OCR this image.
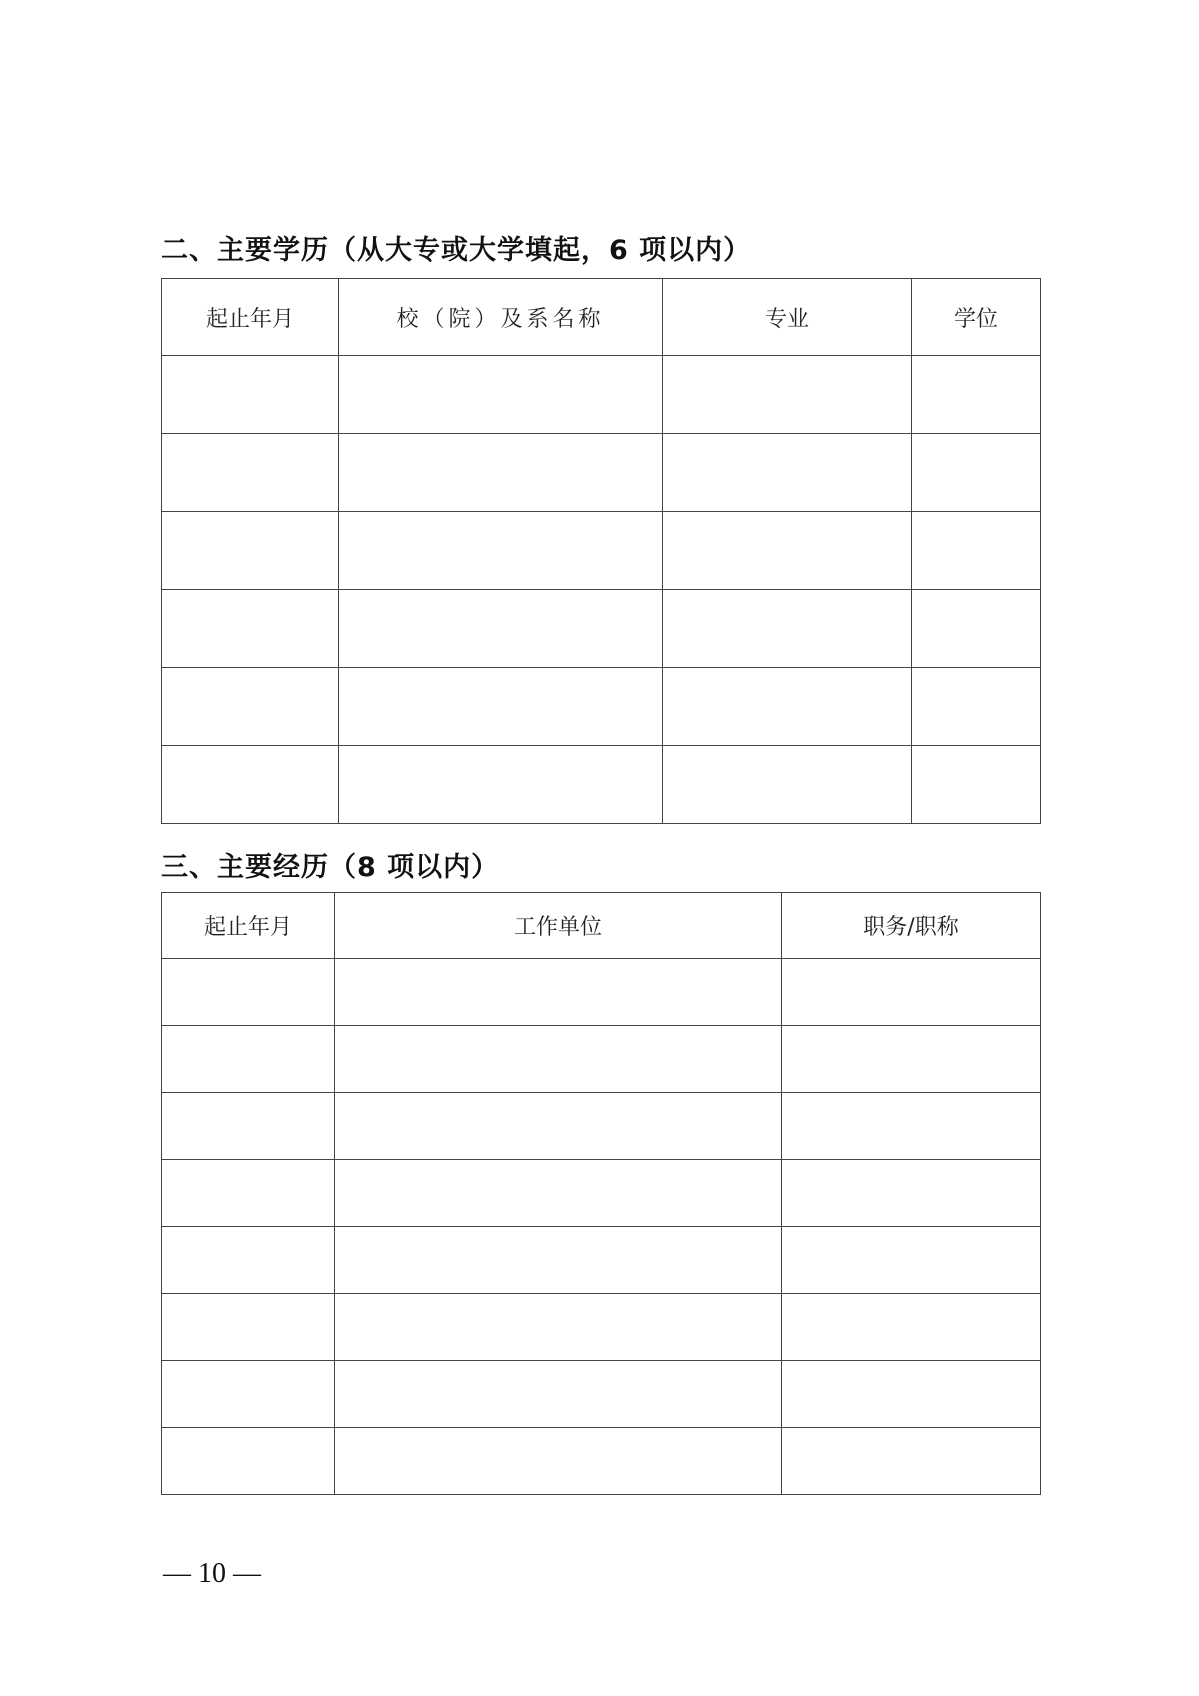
二、主要学历（从大专或大学填起，6 项以内）
起止年月	校（院）及系名称	专业	学位

三、主要经历（8 项以内）
起止年月	工作单位	职务/职称

— 10 —
